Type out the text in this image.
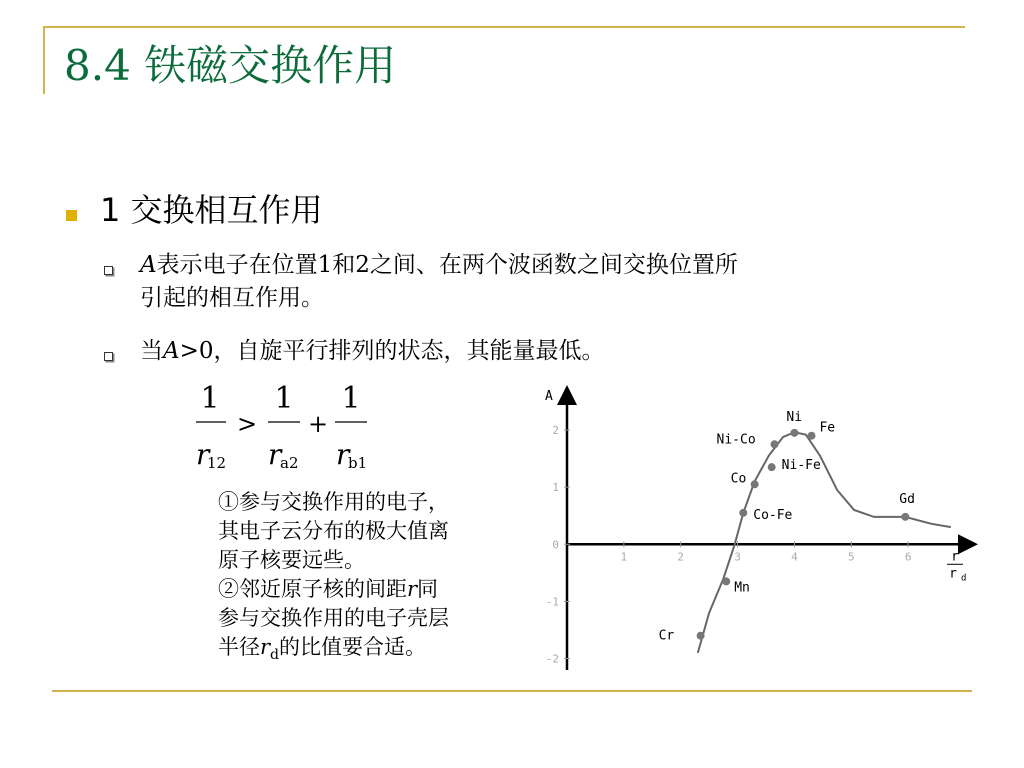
8.4 铁磁交换作用
1 交换相互作用
A表示电子在位置1和2之间、在两个波函数之间交换位置所
引起的相互作用。
当A>0，自旋平行排列的状态，其能量最低。
1
r
12
>
1
r
a2
+
1
r
b1
①参与交换作用的电子，
其电子云分布的极大值离
原子核要远些。
②邻近原子核的间距r同
参与交换作用的电子壳层
半径$r_d$的比值要合适。
A
1	2	3	4	5	6
2
1
0
-1
-2
r
r d
Cr
Mn
Co-Fe
Co
Ni-Fe
Ni-Co
Ni
Fe
Gd
